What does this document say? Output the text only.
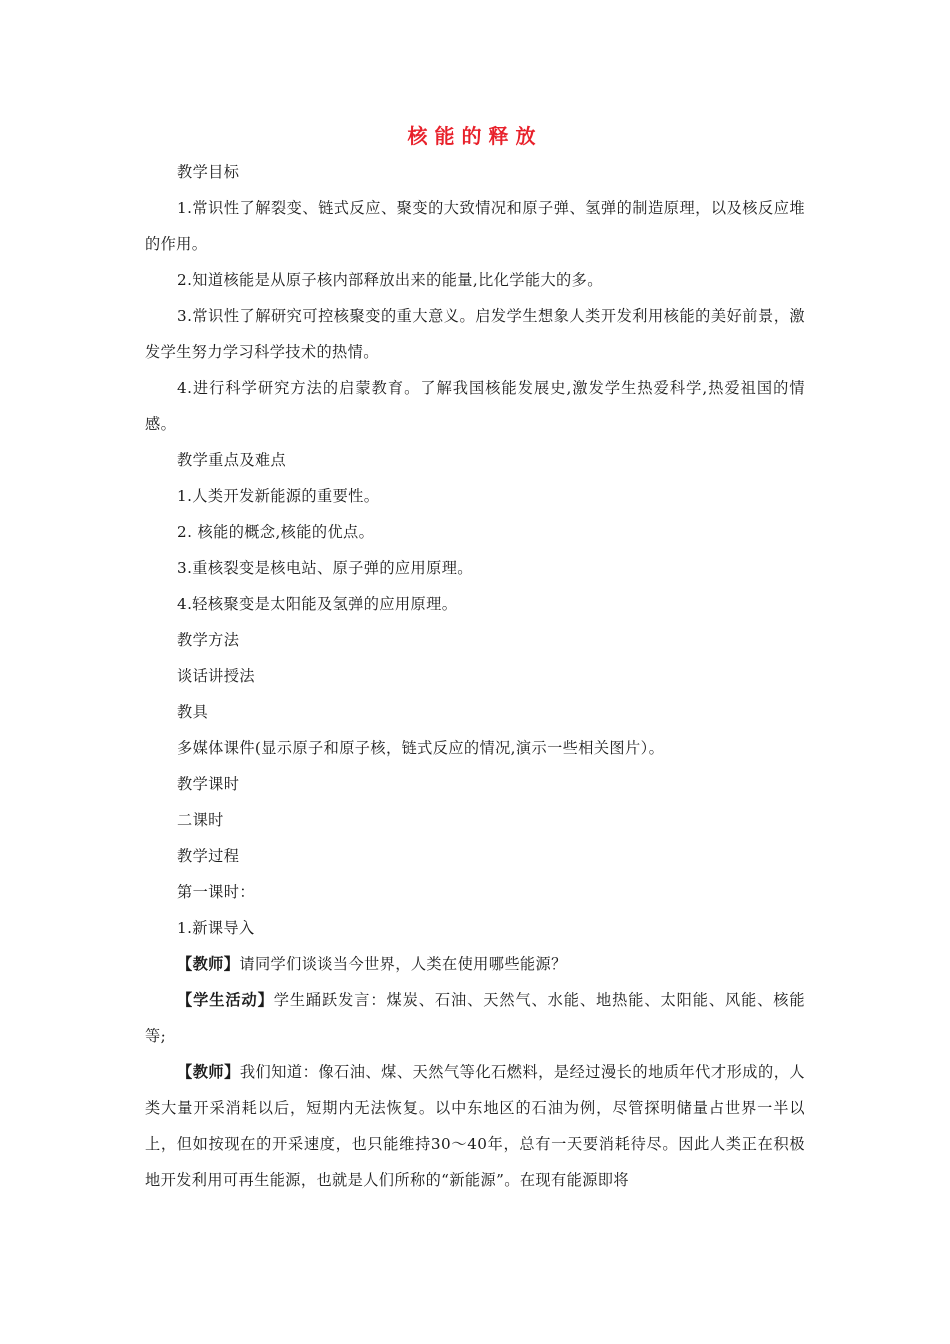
核能的释放

教学目标

1.常识性了解裂变、链式反应、聚变的大致情况和原子弹、氢弹的制造原理，以及核反应堆的作用。

2.知道核能是从原子核内部释放出来的能量,比化学能大的多。

3.常识性了解研究可控核聚变的重大意义。启发学生想象人类开发利用核能的美好前景，激发学生努力学习科学技术的热情。

4.进行科学研究方法的启蒙教育。了解我国核能发展史,激发学生热爱科学,热爱祖国的情感。

教学重点及难点

1.人类开发新能源的重要性。

2. 核能的概念,核能的优点。

3.重核裂变是核电站、原子弹的应用原理。

4.轻核聚变是太阳能及氢弹的应用原理。

教学方法

谈话讲授法

教具

多媒体课件(显示原子和原子核，链式反应的情况,演示一些相关图片）。

教学课时

二课时

教学过程

第一课时：

1.新课导入

【教师】请同学们谈谈当今世界，人类在使用哪些能源？

【学生活动】学生踊跃发言：煤炭、石油、天然气、水能、地热能、太阳能、风能、核能等;

【教师】我们知道：像石油、煤、天然气等化石燃料，是经过漫长的地质年代才形成的，人类大量开采消耗以后，短期内无法恢复。以中东地区的石油为例，尽管探明储量占世界一半以上，但如按现在的开采速度，也只能维持30～40年，总有一天要消耗待尽。因此人类正在积极地开发利用可再生能源，也就是人们所称的“新能源”。在现有能源即将
